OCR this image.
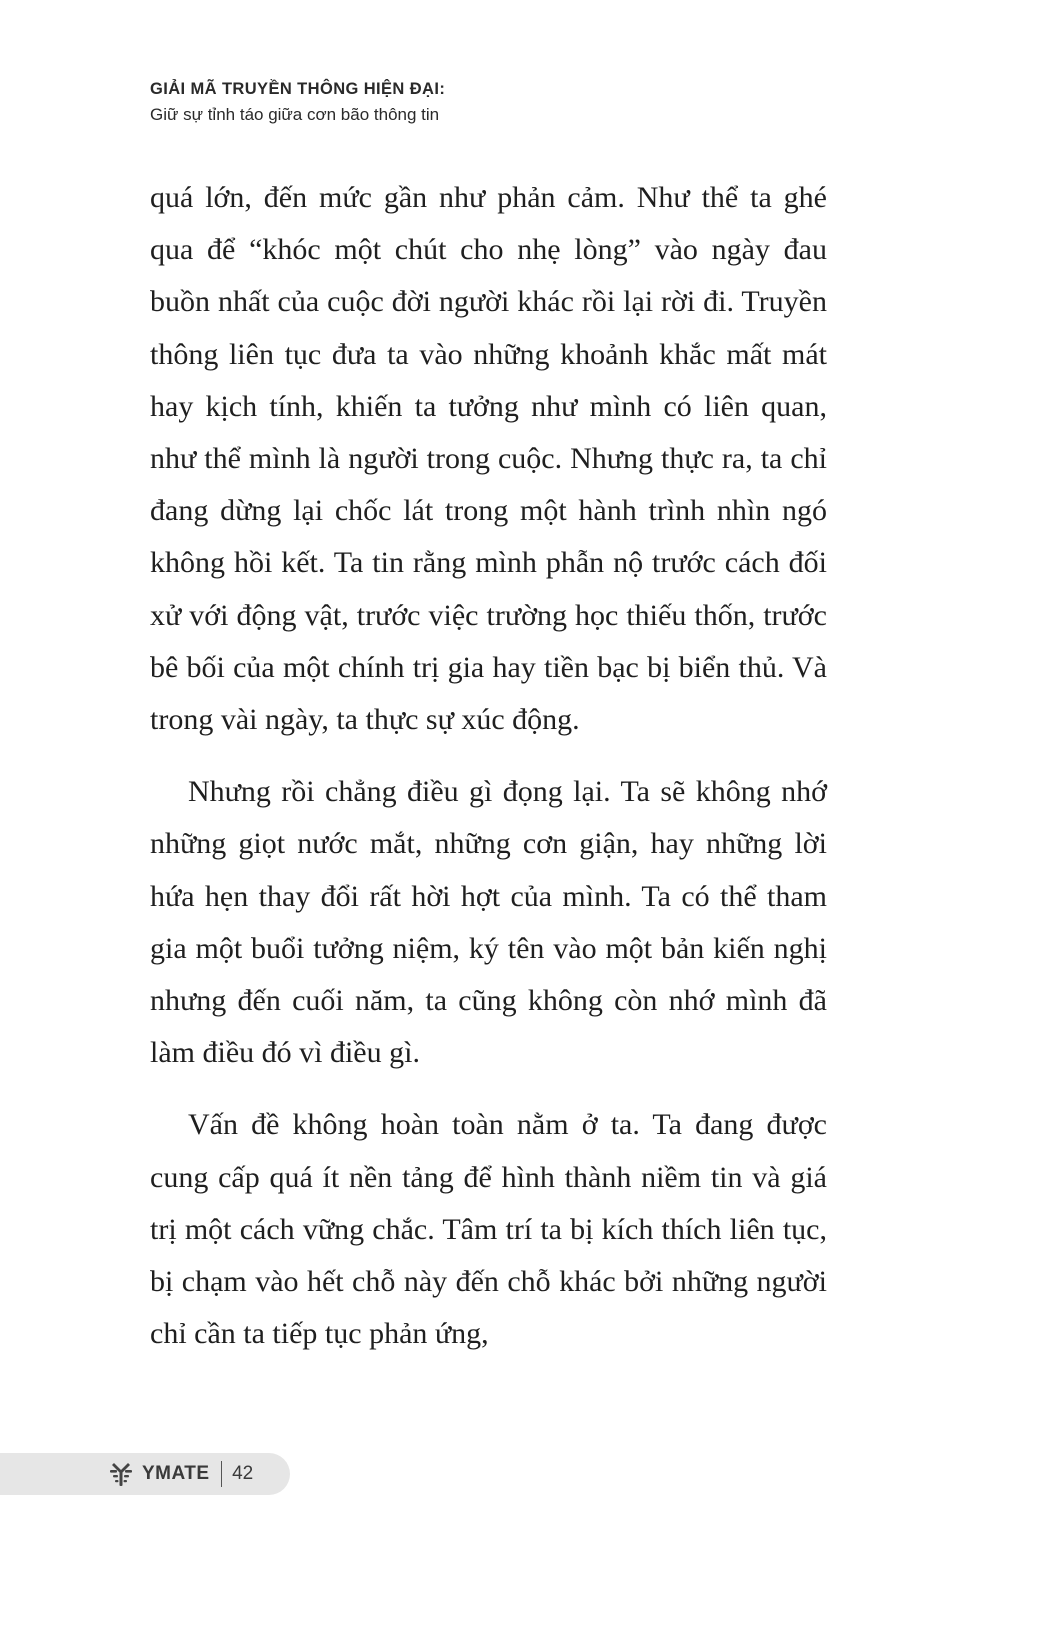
GIẢI MÃ TRUYỀN THÔNG HIỆN ĐẠI:
Giữ sự tỉnh táo giữa cơn bão thông tin

quá lớn, đến mức gần như phản cảm. Như thể ta ghé qua để “khóc một chút cho nhẹ lòng” vào ngày đau buồn nhất của cuộc đời người khác rồi lại rời đi. Truyền thông liên tục đưa ta vào những khoảnh khắc mất mát hay kịch tính, khiến ta tưởng như mình có liên quan, như thể mình là người trong cuộc. Nhưng thực ra, ta chỉ đang dừng lại chốc lát trong một hành trình nhìn ngó không hồi kết. Ta tin rằng mình phẫn nộ trước cách đối xử với động vật, trước việc trường học thiếu thốn, trước bê bối của một chính trị gia hay tiền bạc bị biển thủ. Và trong vài ngày, ta thực sự xúc động.

Nhưng rồi chẳng điều gì đọng lại. Ta sẽ không nhớ những giọt nước mắt, những cơn giận, hay những lời hứa hẹn thay đổi rất hời hợt của mình. Ta có thể tham gia một buổi tưởng niệm, ký tên vào một bản kiến nghị nhưng đến cuối năm, ta cũng không còn nhớ mình đã làm điều đó vì điều gì.

Vấn đề không hoàn toàn nằm ở ta. Ta đang được cung cấp quá ít nền tảng để hình thành niềm tin và giá trị một cách vững chắc. Tâm trí ta bị kích thích liên tục, bị chạm vào hết chỗ này đến chỗ khác bởi những người chỉ cần ta tiếp tục phản ứng,

YMATE 42
